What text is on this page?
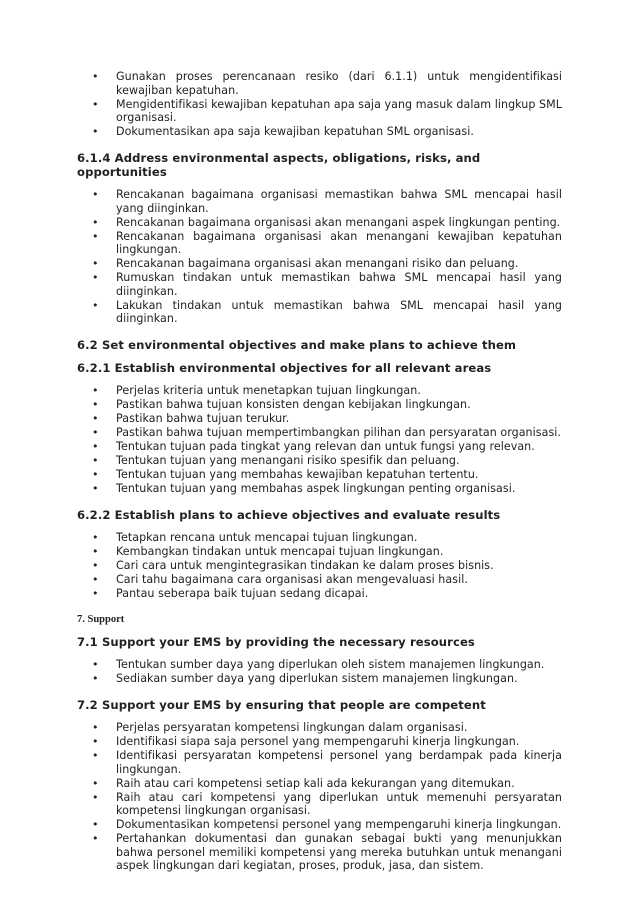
• Gunakan proses perencanaan resiko (dari 6.1.1) untuk mengidentifikasi kewajiban kepatuhan.
• Mengidentifikasi kewajiban kepatuhan apa saja yang masuk dalam lingkup SML organisasi.
• Dokumentasikan apa saja kewajiban kepatuhan SML organisasi.
6.1.4 Address environmental aspects, obligations, risks, and opportunities
• Rencakanan bagaimana organisasi memastikan bahwa SML mencapai hasil yang diinginkan.
• Rencakanan bagaimana organisasi akan menangani aspek lingkungan penting.
• Rencakanan bagaimana organisasi akan menangani kewajiban kepatuhan lingkungan.
• Rencakanan bagaimana organisasi akan menangani risiko dan peluang.
• Rumuskan tindakan untuk memastikan bahwa SML mencapai hasil yang diinginkan.
• Lakukan tindakan untuk memastikan bahwa SML mencapai hasil yang diinginkan.
6.2 Set environmental objectives and make plans to achieve them
6.2.1 Establish environmental objectives for all relevant areas
• Perjelas kriteria untuk menetapkan tujuan lingkungan.
• Pastikan bahwa tujuan konsisten dengan kebijakan lingkungan.
• Pastikan bahwa tujuan terukur.
• Pastikan bahwa tujuan mempertimbangkan pilihan dan persyaratan organisasi.
• Tentukan tujuan pada tingkat yang relevan dan untuk fungsi yang relevan.
• Tentukan tujuan yang menangani risiko spesifik dan peluang.
• Tentukan tujuan yang membahas kewajiban kepatuhan tertentu.
• Tentukan tujuan yang membahas aspek lingkungan penting organisasi.
6.2.2 Establish plans to achieve objectives and evaluate results
• Tetapkan rencana untuk mencapai tujuan lingkungan.
• Kembangkan tindakan untuk mencapai tujuan lingkungan.
• Cari cara untuk mengintegrasikan tindakan ke dalam proses bisnis.
• Cari tahu bagaimana cara organisasi akan mengevaluasi hasil.
• Pantau seberapa baik tujuan sedang dicapai.
7. Support
7.1 Support your EMS by providing the necessary resources
• Tentukan sumber daya yang diperlukan oleh sistem manajemen lingkungan.
• Sediakan sumber daya yang diperlukan sistem manajemen lingkungan.
7.2 Support your EMS by ensuring that people are competent
• Perjelas persyaratan kompetensi lingkungan dalam organisasi.
• Identifikasi siapa saja personel yang mempengaruhi kinerja lingkungan.
• Identifikasi persyaratan kompetensi personel yang berdampak pada kinerja lingkungan.
• Raih atau cari kompetensi setiap kali ada kekurangan yang ditemukan.
• Raih atau cari kompetensi yang diperlukan untuk memenuhi persyaratan kompetensi lingkungan organisasi.
• Dokumentasikan kompetensi personel yang mempengaruhi kinerja lingkungan.
• Pertahankan dokumentasi dan gunakan sebagai bukti yang menunjukkan bahwa personel memiliki kompetensi yang mereka butuhkan untuk menangani aspek lingkungan dari kegiatan, proses, produk, jasa, dan sistem.
